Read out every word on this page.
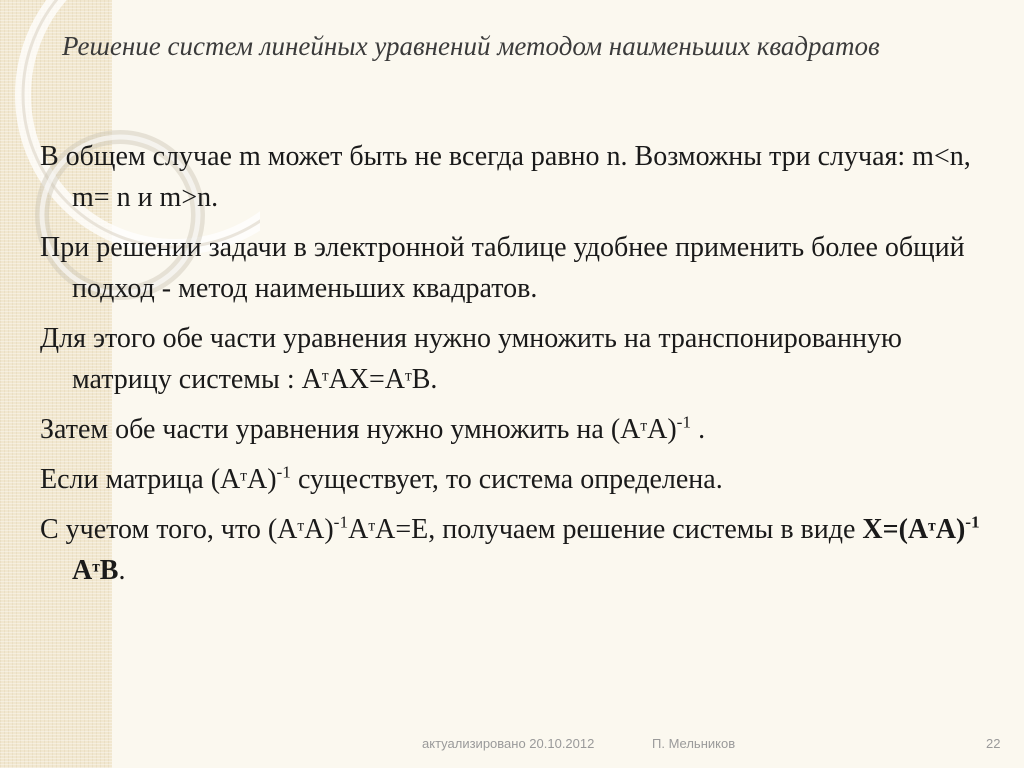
Решение систем линейных уравнений методом наименьших квадратов

В общем случае m может быть не всегда равно n. Возможны три случая: m<n, m= n и m>n.

При решении задачи в электронной таблице удобнее применить более общий подход - метод наименьших квадратов.

Для этого обе части уравнения нужно умножить на транспонированную матрицу системы : $A^тAX=A^тB$.

Затем обе части уравнения нужно умножить на $(A^тA)^{-1}$ .

Если матрица $(A^тA)^{-1}$ существует, то система определена.

С учетом того, что $(A^тA)^{-1}A^тA=E$, получаем решение системы в виде $X=(A^тA)^{-1}$ $A^тB$.

актуализировано 20.10.2012	П. Мельников	22
